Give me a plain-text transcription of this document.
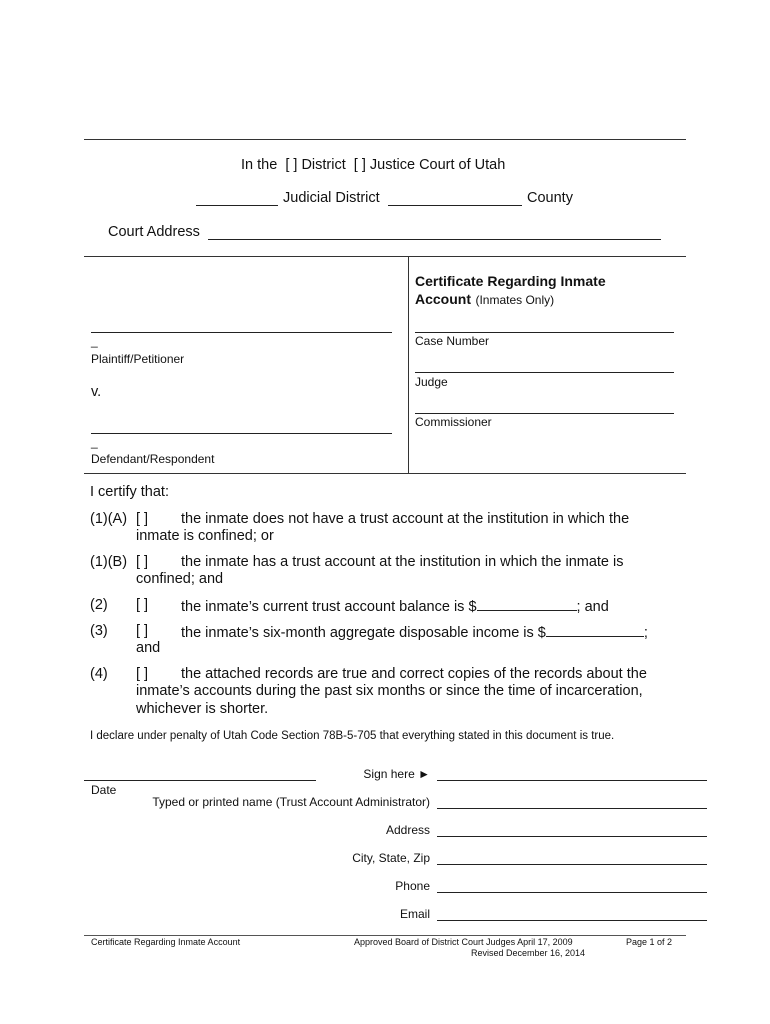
In the [ ] District [ ] Justice Court of Utah
Judicial District	County
Court Address
_
Plaintiff/Petitioner
v.
_
Defendant/Respondent
Certificate Regarding Inmate
Account (Inmates Only)
Case Number
Judge
Commissioner
I certify that:
(1)(A) [ ] the inmate does not have a trust account at the institution in which the
inmate is confined; or
(1)(B) [ ] the inmate has a trust account at the institution in which the inmate is
confined; and
(2) [ ] the inmate’s current trust account balance is $	; and
(3) [ ] the inmate’s six-month aggregate disposable income is $	;
and
(4) [ ] the attached records are true and correct copies of the records about the
inmate’s accounts during the past six months or since the time of incarceration,
whichever is shorter.
I declare under penalty of Utah Code Section 78B-5-705 that everything stated in this document is true.
Date
Sign here ►
Typed or printed name (Trust Account Administrator)
Address
City, State, Zip
Phone
Email
Certificate Regarding Inmate Account	Approved Board of District Court Judges April 17, 2009
Revised December 16, 2014
Page 1 of 2
